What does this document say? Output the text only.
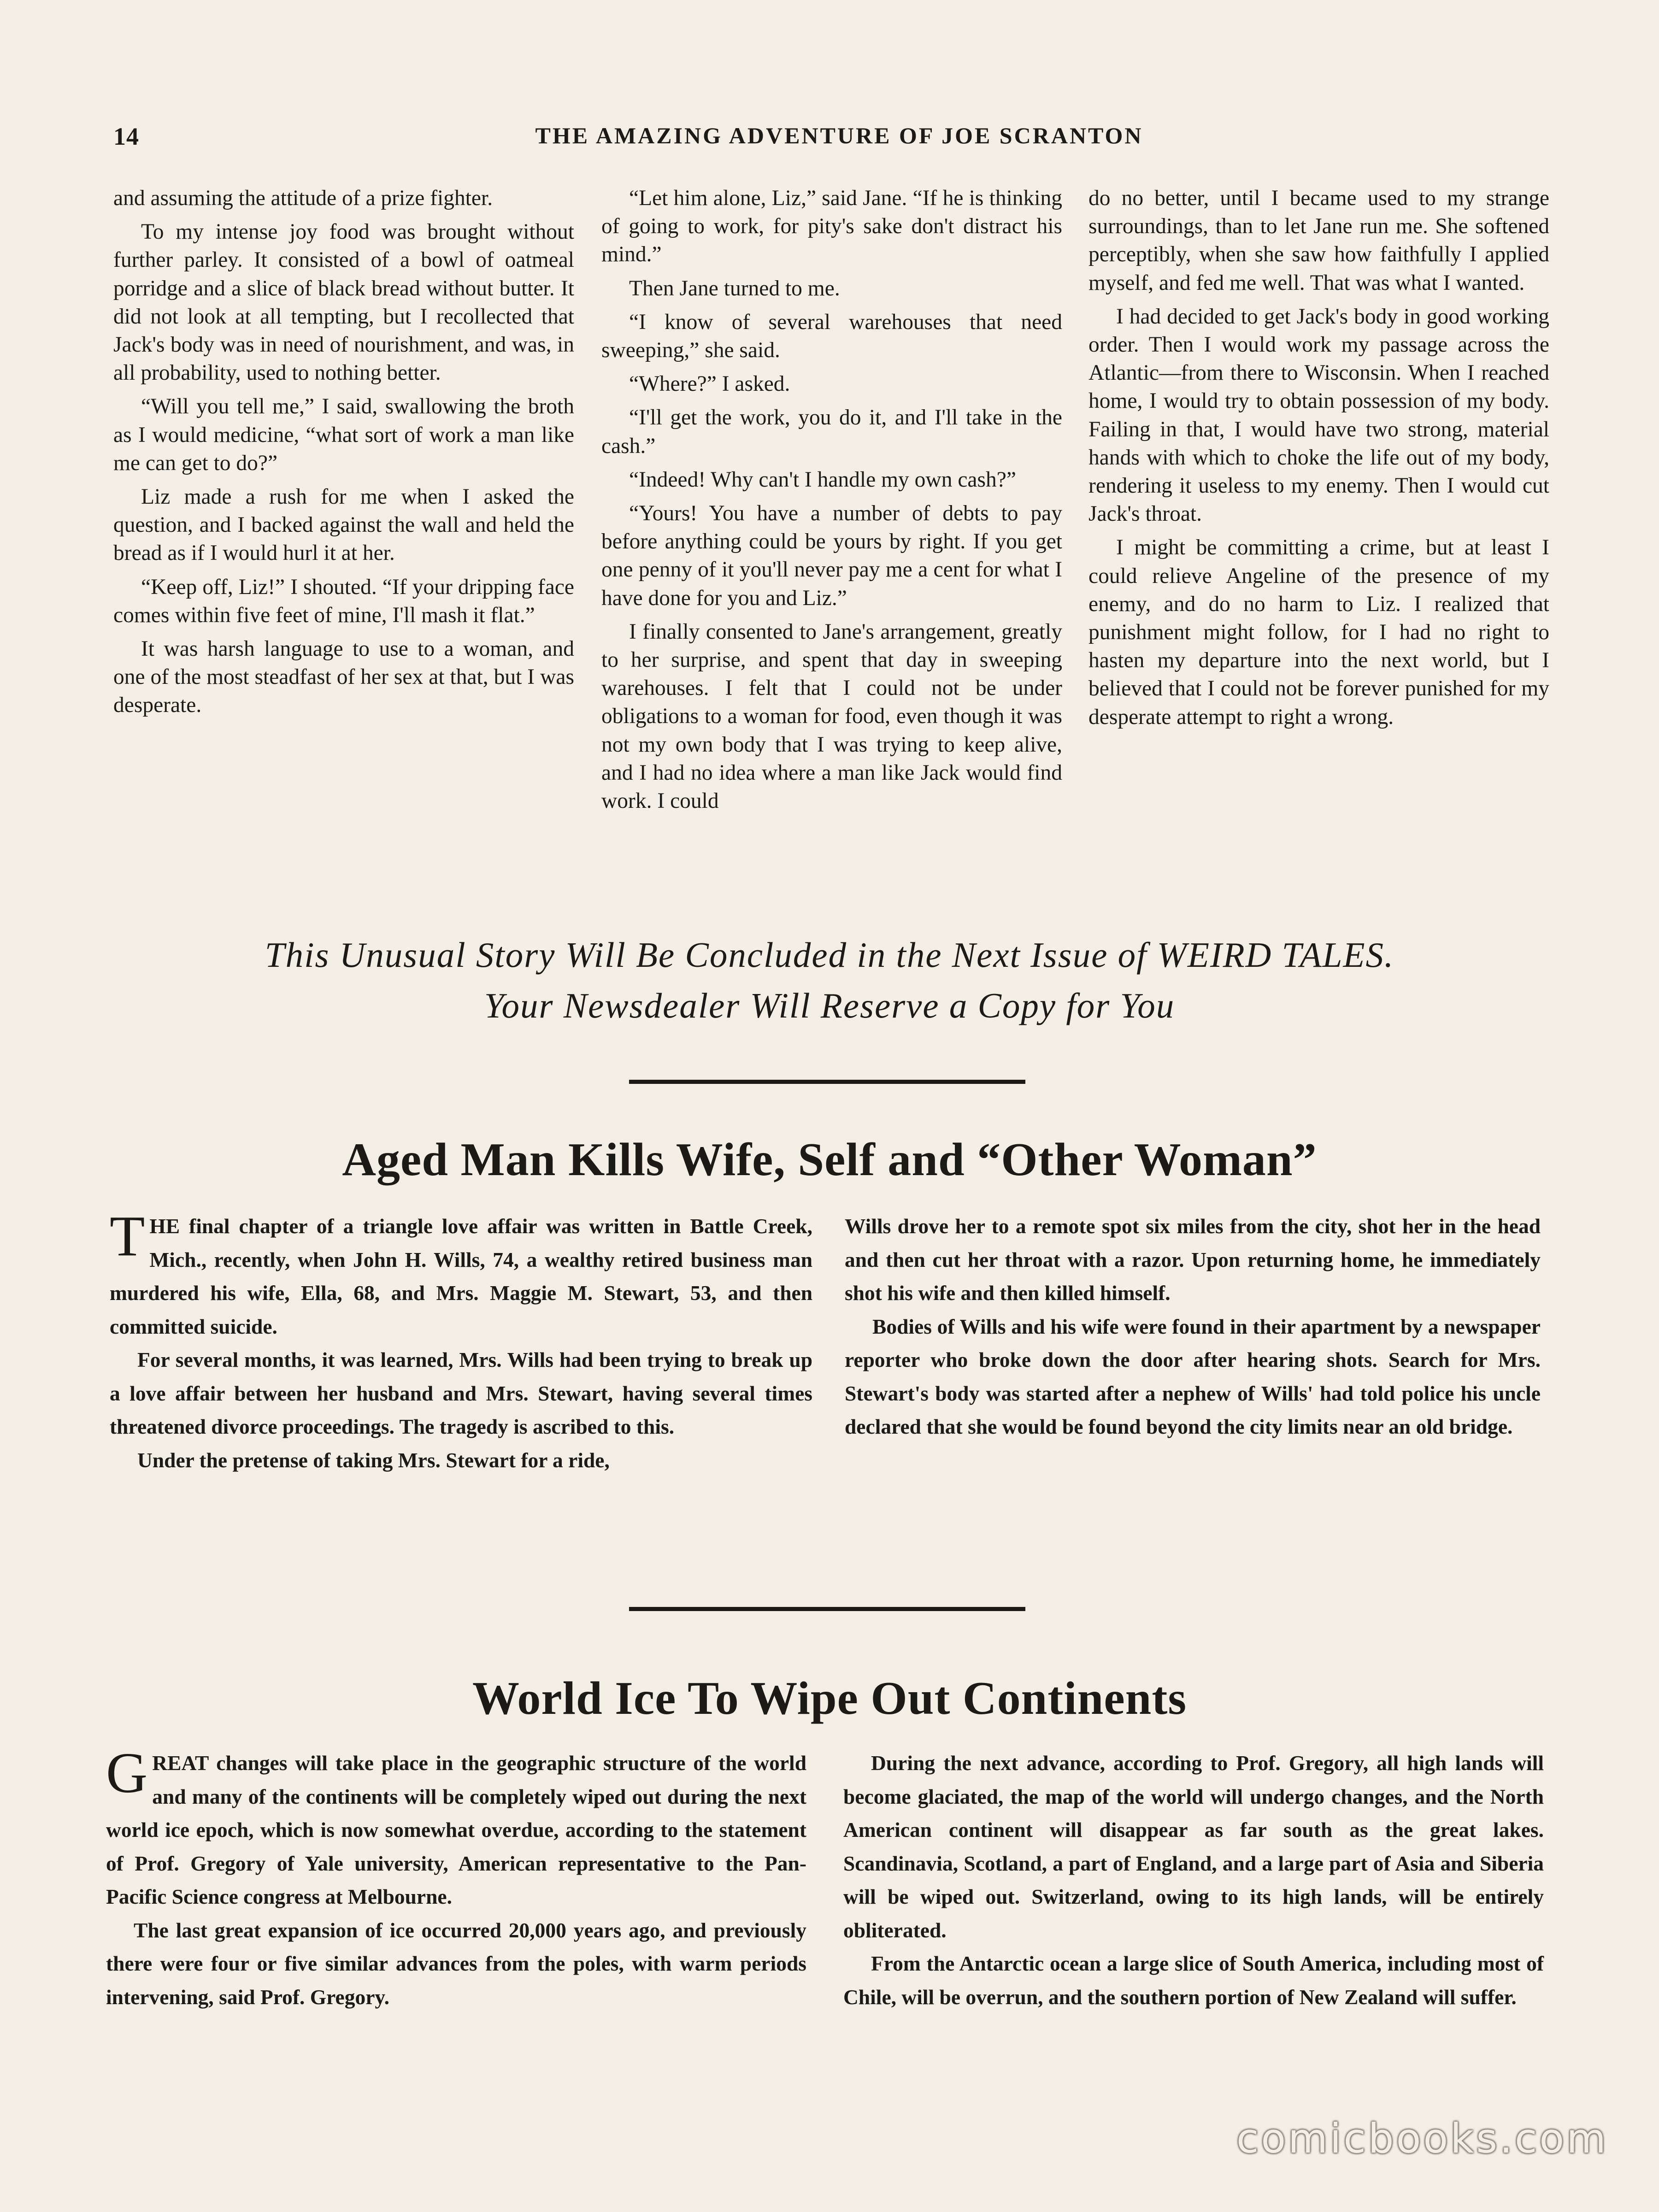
14	THE AMAZING ADVENTURE OF JOE SCRANTON

and assuming the attitude of a prize fighter.

To my intense joy food was brought without further parley. It consisted of a bowl of oatmeal porridge and a slice of black bread without butter. It did not look at all tempting, but I recollected that Jack's body was in need of nourishment, and was, in all probability, used to nothing better.

“Will you tell me,” I said, swallowing the broth as I would medicine, “what sort of work a man like me can get to do?”

Liz made a rush for me when I asked the question, and I backed against the wall and held the bread as if I would hurl it at her.

“Keep off, Liz!” I shouted. “If your dripping face comes within five feet of mine, I'll mash it flat.”

It was harsh language to use to a woman, and one of the most steadfast of her sex at that, but I was desperate.

“Let him alone, Liz,” said Jane. “If he is thinking of going to work, for pity's sake don't distract his mind.”

Then Jane turned to me.

“I know of several warehouses that need sweeping,” she said.

“Where?” I asked.

“I'll get the work, you do it, and I'll take in the cash.”

“Indeed! Why can't I handle my own cash?”

“Yours! You have a number of debts to pay before anything could be yours by right. If you get one penny of it you'll never pay me a cent for what I have done for you and Liz.”

I finally consented to Jane's arrangement, greatly to her surprise, and spent that day in sweeping warehouses. I felt that I could not be under obligations to a woman for food, even though it was not my own body that I was trying to keep alive, and I had no idea where a man like Jack would find work. I could

do no better, until I became used to my strange surroundings, than to let Jane run me. She softened perceptibly, when she saw how faithfully I applied myself, and fed me well. That was what I wanted.

I had decided to get Jack's body in good working order. Then I would work my passage across the Atlantic—from there to Wisconsin. When I reached home, I would try to obtain possession of my body. Failing in that, I would have two strong, material hands with which to choke the life out of my body, rendering it useless to my enemy. Then I would cut Jack's throat.

I might be committing a crime, but at least I could relieve Angeline of the presence of my enemy, and do no harm to Liz. I realized that punishment might follow, for I had no right to hasten my departure into the next world, but I believed that I could not be forever punished for my desperate attempt to right a wrong.

This Unusual Story Will Be Concluded in the Next Issue of WEIRD TALES.
Your Newsdealer Will Reserve a Copy for You
Aged Man Kills Wife, Self and “Other Woman”

THE final chapter of a triangle love affair was written in Battle Creek, Mich., recently, when John H. Wills, 74, a wealthy retired business man murdered his wife, Ella, 68, and Mrs. Maggie M. Stewart, 53, and then committed suicide.

For several months, it was learned, Mrs. Wills had been trying to break up a love affair between her husband and Mrs. Stewart, having several times threatened divorce proceedings. The tragedy is ascribed to this.

Under the pretense of taking Mrs. Stewart for a ride,

Wills drove her to a remote spot six miles from the city, shot her in the head and then cut her throat with a razor. Upon returning home, he immediately shot his wife and then killed himself.

Bodies of Wills and his wife were found in their apartment by a newspaper reporter who broke down the door after hearing shots. Search for Mrs. Stewart's body was started after a nephew of Wills' had told police his uncle declared that she would be found beyond the city limits near an old bridge.

World Ice To Wipe Out Continents

GREAT changes will take place in the geographic structure of the world and many of the continents will be completely wiped out during the next world ice epoch, which is now somewhat overdue, according to the statement of Prof. Gregory of Yale university, American representative to the Pan-Pacific Science congress at Melbourne.

The last great expansion of ice occurred 20,000 years ago, and previously there were four or five similar advances from the poles, with warm periods intervening, said Prof. Gregory.

During the next advance, according to Prof. Gregory, all high lands will become glaciated, the map of the world will undergo changes, and the North American continent will disappear as far south as the great lakes. Scandinavia, Scotland, a part of England, and a large part of Asia and Siberia will be wiped out. Switzerland, owing to its high lands, will be entirely obliterated.

From the Antarctic ocean a large slice of South America, including most of Chile, will be overrun, and the southern portion of New Zealand will suffer.

comicbooks.com
